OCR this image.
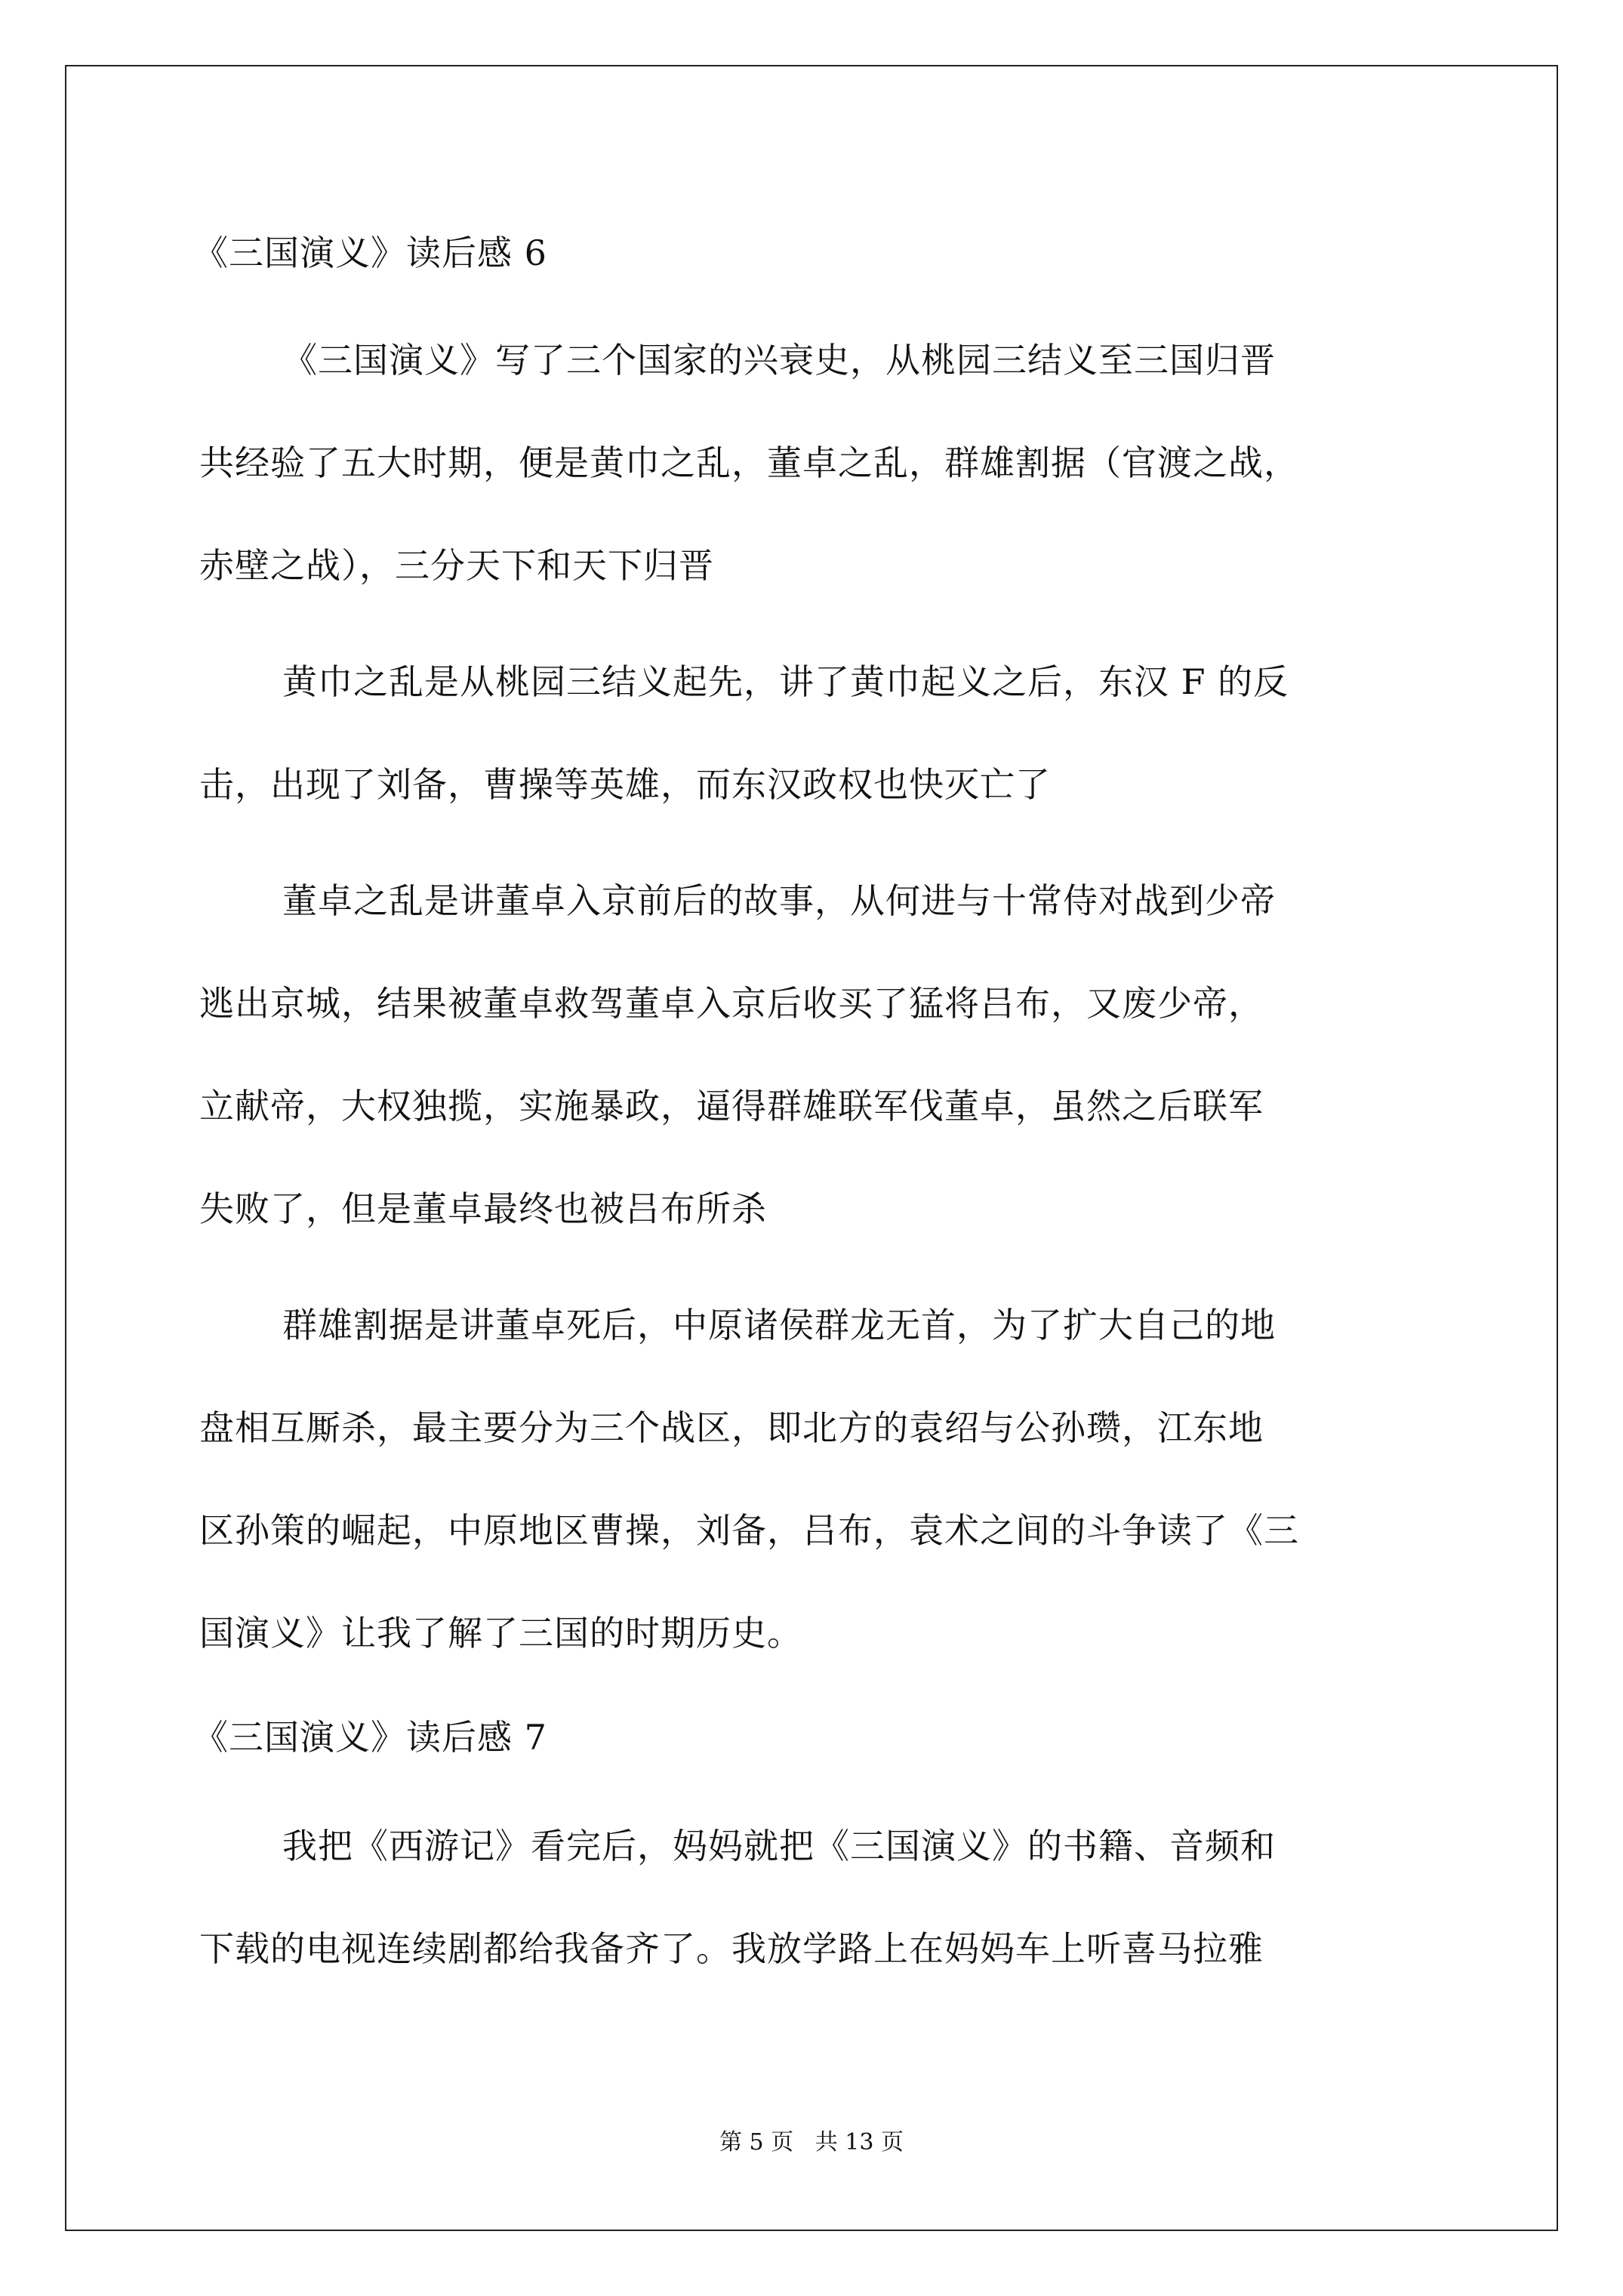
《三国演义》读后感 6
《三国演义》写了三个国家的兴衰史，从桃园三结义至三国归晋
共经验了五大时期，便是黄巾之乱，董卓之乱，群雄割据（官渡之战，
赤壁之战），三分天下和天下归晋
黄巾之乱是从桃园三结义起先，讲了黄巾起义之后，东汉 F 的反
击，出现了刘备，曹操等英雄，而东汉政权也快灭亡了
董卓之乱是讲董卓入京前后的故事，从何进与十常侍对战到少帝
逃出京城，结果被董卓救驾董卓入京后收买了猛将吕布，又废少帝，
立献帝，大权独揽，实施暴政，逼得群雄联军伐董卓，虽然之后联军
失败了，但是董卓最终也被吕布所杀
群雄割据是讲董卓死后，中原诸侯群龙无首，为了扩大自己的地
盘相互厮杀，最主要分为三个战区，即北方的袁绍与公孙瓒，江东地
区孙策的崛起，中原地区曹操，刘备，吕布，袁术之间的斗争读了《三
国演义》让我了解了三国的时期历史。
《三国演义》读后感 7
我把《西游记》看完后，妈妈就把《三国演义》的书籍、音频和
下载的电视连续剧都给我备齐了。我放学路上在妈妈车上听喜马拉雅
第 5 页   共 13 页
